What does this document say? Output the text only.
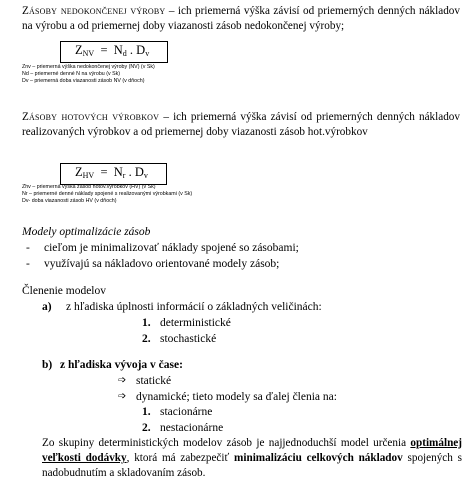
Zásoby nedokončenej výroby – ich priemerná výška závisí od priemerných denných nákladov na výrobu a od priemernej doby viazanosti zásob nedokončenej výroby;

$Z_{NV} = N_d$ . $D_v$

Znv – priemerná výška nedokončenej výroby (NV) (v Sk)

Nd – priemerné denné N na výrobu (v Sk)

Dv – priemerná doba viazanosti zásob NV (v dňoch)

Zásoby hotových výrobkov – ich priemerná výška závisí od priemerných denných nákladov realizovaných výrobkov a od priemernej doby viazanosti zásob hot.výrobkov

$Z_{HV} = N_r$ . $D_v$

Zhv – priemerná výška zásob hotov.výrobkov (HV) (v Sk)

Nr – priemerné denné náklady spojené s realizovanými výrobkami (v Sk)

Dv- doba viazanosti zásob HV (v dňoch)

Modely optimalizácie zásob

- cieľom je minimalizovať náklady spojené so zásobami;
- využívajú sa nákladovo orientované modely zásob;
Členenie modelov
a) z hľadiska úplnosti informácií o základných veličinách:
1. deterministické
2. stochastické
b) z hľadiska vývoja v čase:
➩ statické
➩ dynamické; tieto modely sa ďalej členia na:
1. stacionárne
2. nestacionárne

Zo skupiny deterministických modelov zásob je najjednoduchší model určenia optimálnej veľkosti dodávky, ktorá má zabezpečiť minimalizáciu celkových nákladov spojených s nadobudnutím a skladovaním zásob.
